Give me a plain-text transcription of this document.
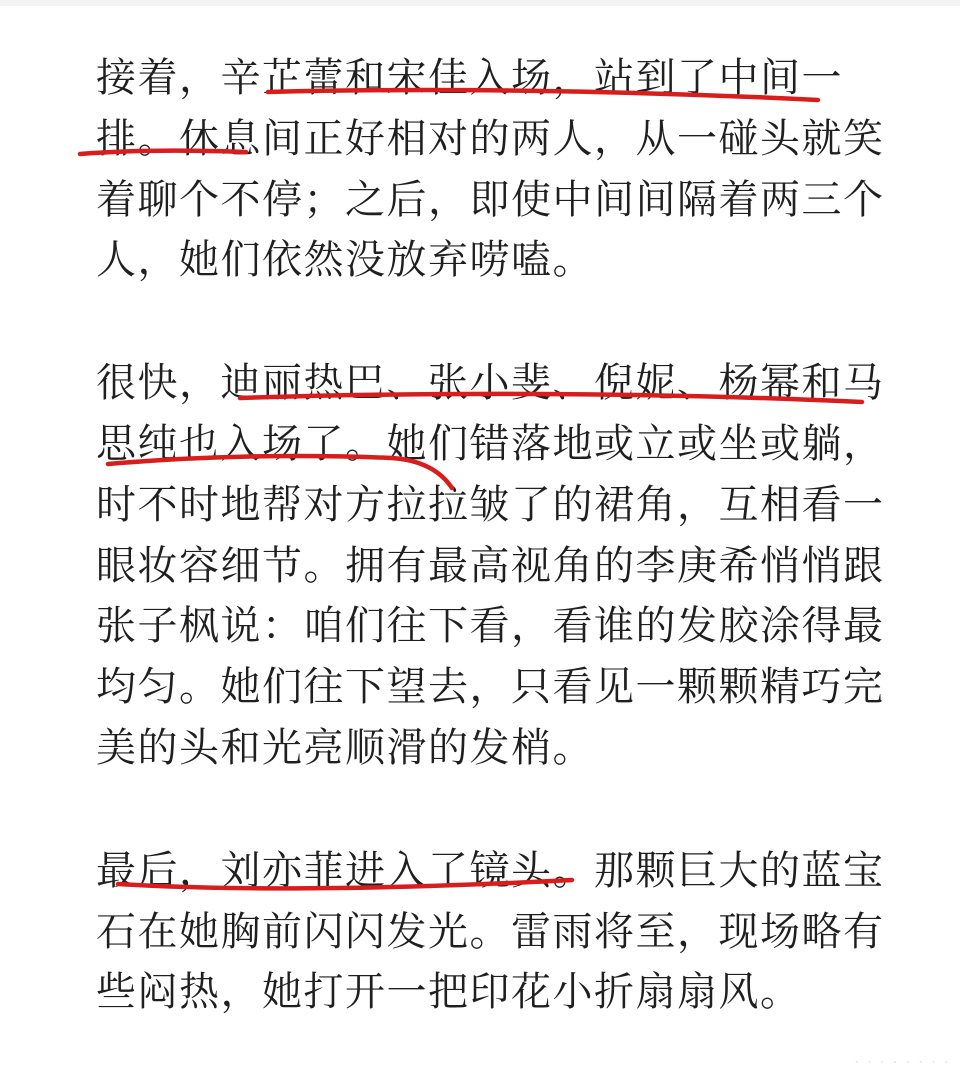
接着，辛芷蕾和宋佳入场，站到了中间一
排。休息间正好相对的两人，从一碰头就笑
着聊个不停；之后，即使中间间隔着两三个
人，她们依然没放弃唠嗑。

很快，迪丽热巴、张小斐、倪妮、杨幂和马
思纯也入场了。她们错落地或立或坐或躺，
时不时地帮对方拉拉皱了的裙角，互相看一
眼妆容细节。拥有最高视角的李庚希悄悄跟
张子枫说：咱们往下看，看谁的发胶涂得最
均匀。她们往下望去，只看见一颗颗精巧完
美的头和光亮顺滑的发梢。

最后，刘亦菲进入了镜头。那颗巨大的蓝宝
石在她胸前闪闪发光。雷雨将至，现场略有
些闷热，她打开一把印花小折扇扇风。

· · · · · · · ·
